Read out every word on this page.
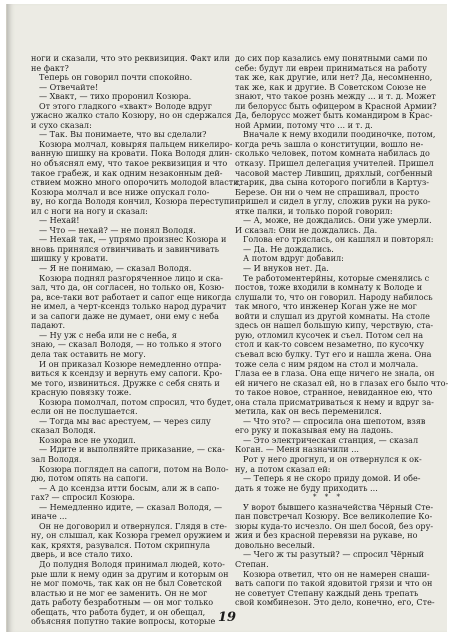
ноги и сказали, что это реквизиция. Факт или
не факт?
Теперь он говорил почти спокойно.
— Отвечайте!
— Хвакт, — тихо проронил Козюра.
От этого гладкого «хвакт» Володе вдруг
ужасно жалко стало Козюру, но он сдержался
и сухо сказал:
— Так. Вы понимаете, что вы сделали?
Козюра молчал, ковыряя пальцем никелиро-
ванную шишку на кровати. Пока Володя длин-
но объяснял ему, что такое реквизиция и что
такое грабеж, и как одним незаконным дей-
ствием можно много опорочить молодой власти,
Козюра молчал и все ниже опускал голо-
ву, но когда Володя кончил, Козюра переступи-
ил с ноги на ногу и сказал:
— Нехай!
— Что — нехай? — не понял Володя.
— Нехай так, — упрямо произнес Козюра и
вновь принялся отвинчивать и завинчивать
шишку у кровати.
— Я не понимаю, — сказал Володя.
Козюра поднял разгоряченное лицо и ска-
зал, что да, он согласен, но только он, Козю-
ра, все-таки вот работает и сапог еще никогда
не имел, а черт-ксендз только народ дурачит
и за сапоги даже не думает, они ему с неба
падают.
— Ну уж с неба или не с неба, я
знаю, — сказал Володя, — но только я этого
дела так оставить не могу.
И он приказал Козюре немедленно отпра-
виться к ксендзу и вернуть ему сапоги. Кро-
ме того, извиниться. Дружке с себя снять и
красную повязку тоже.
Козюра помолчал, потом спросил, что будет,
если он не послушается.
— Тогда мы вас арестуем, — через силу
сказал Володя.
Козюра все не уходил.
— Идите и выполняйте приказание, — ска-
зал Володя.
Козюра поглядел на сапоги, потом на Воло-
дю, потом опять на сапоги.
— А до ксендза итти босым, али ж в сапо-
гах? — спросил Козюра.
— Немедленно идите, — сказал Володя, —
иначе ...
Он не договорил и отвернулся. Глядя в сте-
ну, он слышал, как Козюра гремел оружием и
как, кряхтя, разувался. Потом скрипнула
дверь, и все стало тихо.
До полудня Володя принимал людей, кото-
рые шли к нему один за другим и которым он
не мог помочь, так как он не был Советской
властью и не мог ее заменить. Он не мог
дать работу безработным — он мог только
обещать, что работа будет, и он обещал,
объясняя попутно такие вопросы, которые
до сих пор казались ему понятными сами по
себе: будут ли евреи приниматься на работу
так же, как другие, или нет? Да, несомненно,
так же, как и другие. В Советском Союзе не
знают, что такое рознь между ... и т. д. Может
ли белорусс быть офицером в Красной Армии?
Да, белорусс может быть командиром в Крас-
ной Армии, потому что ... и т. д.
Вначале к нему входили поодиночке, потом,
когда речь зашла о конституции, вошло не-
сколько человек, потом комната набилась до
отказу. Пришел делегация учителей. Пришел
часовой мастер Лившиц, дряхлый, согбенный
старик, два сына которого погибли в Картуз-
Березе. Он ни о чем не спрашивал, просто
пришел и сидел в углу, сложив руки на руко-
ятке палки, и только порой говорил:
— А, може, не дождались. Они уже умерли.
И сказал: Они не дождались. Да.
Голова его тряслась, он кашлял и повторял:
— Да. Не дождались.
А потом вдруг добавил:
— И внуков нет. Да.
Те работоментерйны, которые сменялись с
постов, тоже входили в комнату к Володе и
слушали то, что он говорил. Народу набилось
так много, что инженер Коган уже не мог
войти и слушал из другой комнаты. На столе
здесь он нашел большую кипу, черствую, ста-
рую, отломил кусочек и съел. Потом сел на
стол и как-то совсем незаметно, по кусочку
съевал всю булку. Тут его и нашла жена. Она
тоже села с ним рядом на стол и молчала.
Глаза ее в глаза. Она еще ничего не знала, он
ей ничего не сказал ей, но в глазах его было что-
то такое новое, странное, невиданное ею, что
она стала присматриваться к нему и вдруг за-
метила, как он весь переменился.
— Что это? — спросила она шепотом, взяв
его руку и показывая ему на ладонь.
— Это электрическая станция, — сказал
Коган. — Меня назначили ...
Рот у него дрогнул, и он отвернулся к ок-
ну, а потом сказал ей:
— Теперь я не скоро приду домой. И обе-
дать я тоже не буду приходить ...
* * *
У ворот бывшего казначейства Чёрный Сте-
пан повстречал Козюру. Все великолепие Ко-
зюры куда-то исчезло. Он шел босой, без ору-
жия и без красной перевязи на рукаве, но
довольно веселый.
— Чего ж ты разутый? — спросил Чёрный
Степан.
Козюра ответил, что он не намерен снаши-
вать сапоги по такой ядовитой грязи и что он
не советует Степану каждый день трепать
свой комбинезон. Это дело, конечно, его, Сте-
19
